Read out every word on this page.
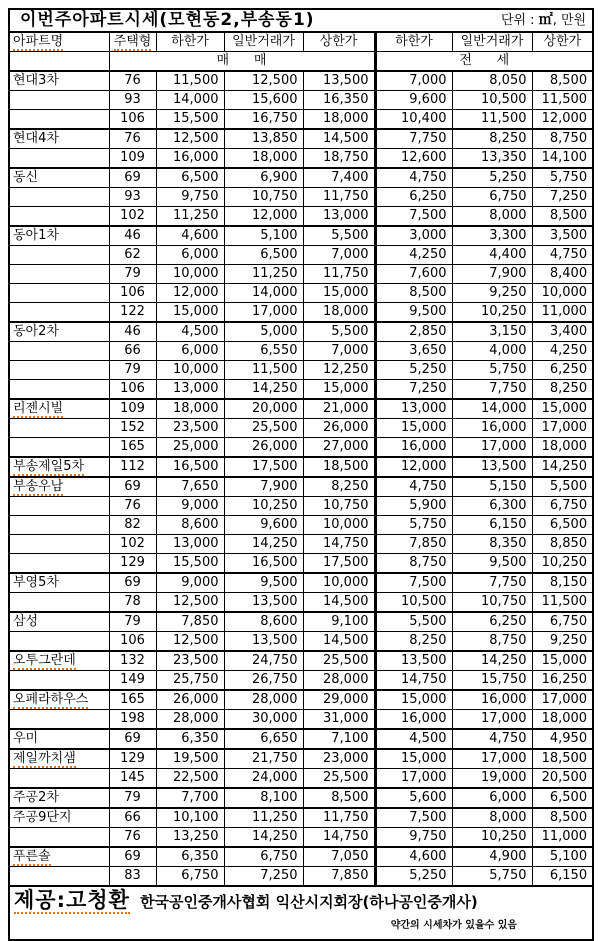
이번주아파트시세(모현동2,부송동1) 단위 : ㎡, 만원							

아파트명	주택형	하한가	일반거래가	상한가	하한가	일반거래가	상한가
	매      매				전      세		
현대3차	76	11,500	12,500	13,500	7,000	8,050	8,500
	93	14,000	15,600	16,350	9,600	10,500	11,500
	106	15,500	16,750	18,000	10,400	11,500	12,000
현대4차	76	12,500	13,850	14,500	7,750	8,250	8,750
	109	16,000	18,000	18,750	12,600	13,350	14,100
동신	69	6,500	6,900	7,400	4,750	5,250	5,750
	93	9,750	10,750	11,750	6,250	6,750	7,250
	102	11,250	12,000	13,000	7,500	8,000	8,500
동아1차	46	4,600	5,100	5,500	3,000	3,300	3,500
	62	6,000	6,500	7,000	4,250	4,400	4,750
	79	10,000	11,250	11,750	7,600	7,900	8,400
	106	12,000	14,000	15,000	8,500	9,250	10,000
	122	15,000	17,000	18,000	9,500	10,250	11,000
동아2차	46	4,500	5,000	5,500	2,850	3,150	3,400
	66	6,000	6,550	7,000	3,650	4,000	4,250
	79	10,000	11,500	12,250	5,250	5,750	6,250
	106	13,000	14,250	15,000	7,250	7,750	8,250
리젠시빌	109	18,000	20,000	21,000	13,000	14,000	15,000
	152	23,500	25,500	26,000	15,000	16,000	17,000
	165	25,000	26,000	27,000	16,000	17,000	18,000
부송제일5차	112	16,500	17,500	18,500	12,000	13,500	14,250
부송우남	69	7,650	7,900	8,250	4,750	5,150	5,500
	76	9,000	10,250	10,750	5,900	6,300	6,750
	82	8,600	9,600	10,000	5,750	6,150	6,500
	102	13,000	14,250	14,750	7,850	8,350	8,850
	129	15,500	16,500	17,500	8,750	9,500	10,250
부영5차	69	9,000	9,500	10,000	7,500	7,750	8,150
	78	12,500	13,500	14,500	10,500	10,750	11,500
삼성	79	7,850	8,600	9,100	5,500	6,250	6,750
	106	12,500	13,500	14,500	8,250	8,750	9,250
오투그란데	132	23,500	24,750	25,500	13,500	14,250	15,000
	149	25,750	26,750	28,000	14,750	15,750	16,250
오페라하우스	165	26,000	28,000	29,000	15,000	16,000	17,000
	198	28,000	30,000	31,000	16,000	17,000	18,000
우미	69	6,350	6,650	7,100	4,500	4,750	4,950
제일까치샘	129	19,500	21,750	23,000	15,000	17,000	18,500
	145	22,500	24,000	25,500	17,000	19,000	20,500
주공2차	79	7,700	8,100	8,500	5,600	6,000	6,500
주공9단지	66	10,100	11,250	11,750	7,500	8,000	8,500
	76	13,250	14,250	14,750	9,750	10,250	11,000
푸른솔	69	6,350	6,750	7,050	4,600	4,900	5,100
	83	6,750	7,250	7,850	5,250	5,750	6,150

제공:고청환 한국공인중개사협회 익산시지회장(하나공인중개사)
약간의 시세차가 있을수 있음							
